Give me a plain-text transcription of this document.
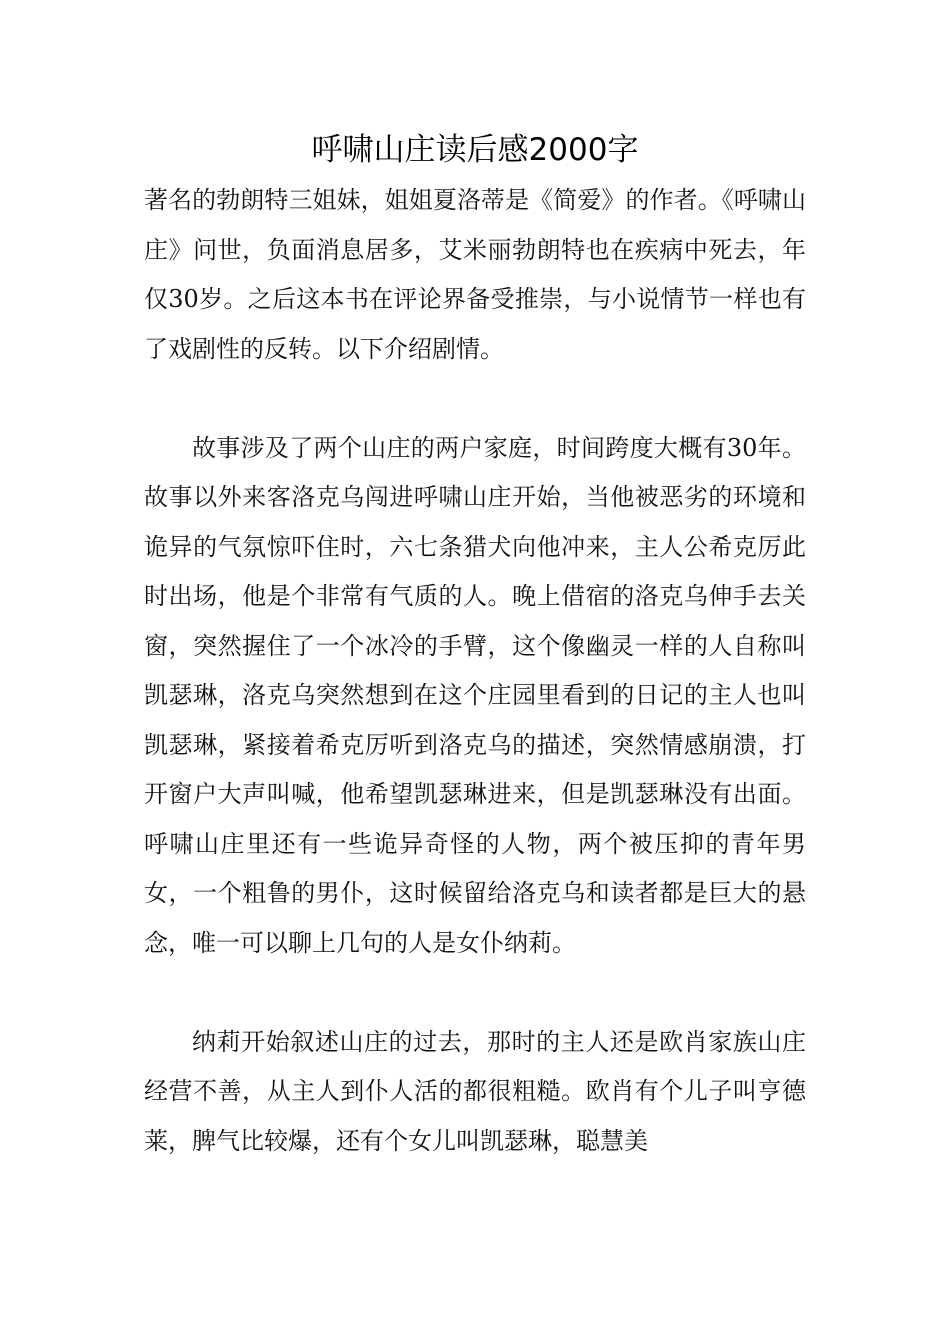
呼啸山庄读后感2000字

著名的勃朗特三姐妹，姐姐夏洛蒂是《简爱》的作者。《呼啸山庄》问世，负面消息居多，艾米丽勃朗特也在疾病中死去，年仅30岁。之后这本书在评论界备受推崇，与小说情节一样也有了戏剧性的反转。以下介绍剧情。

故事涉及了两个山庄的两户家庭，时间跨度大概有30年。故事以外来客洛克乌闯进呼啸山庄开始，当他被恶劣的环境和诡异的气氛惊吓住时，六七条猎犬向他冲来，主人公希克厉此时出场，他是个非常有气质的人。晚上借宿的洛克乌伸手去关窗，突然握住了一个冰冷的手臂，这个像幽灵一样的人自称叫凯瑟琳，洛克乌突然想到在这个庄园里看到的日记的主人也叫凯瑟琳，紧接着希克厉听到洛克乌的描述，突然情感崩溃，打开窗户大声叫喊，他希望凯瑟琳进来，但是凯瑟琳没有出面。呼啸山庄里还有一些诡异奇怪的人物，两个被压抑的青年男女，一个粗鲁的男仆，这时候留给洛克乌和读者都是巨大的悬念，唯一可以聊上几句的人是女仆纳莉。

纳莉开始叙述山庄的过去，那时的主人还是欧肖家族山庄经营不善，从主人到仆人活的都很粗糙。欧肖有个儿子叫亨德莱，脾气比较爆，还有个女儿叫凯瑟琳，聪慧美
